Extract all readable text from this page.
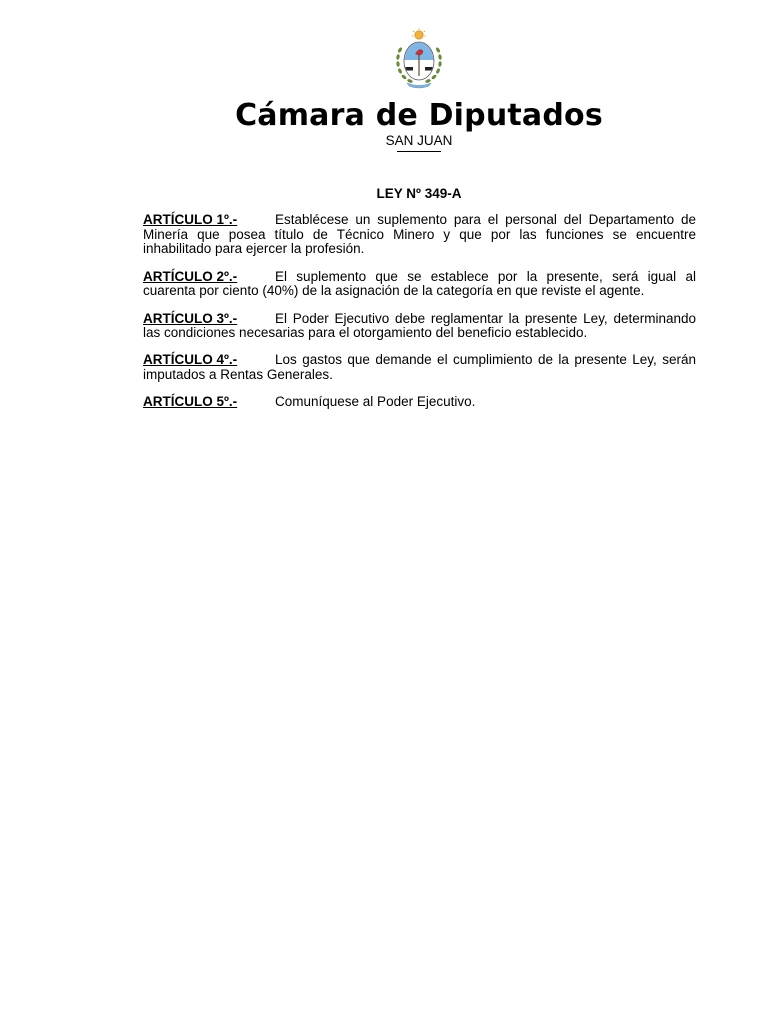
Cámara de Diputados
SAN JUAN
LEY Nº 349-A

ARTÍCULO 1º.-	Establécese un suplemento para el personal del Departamento de Minería que posea título de Técnico Minero y que por las funciones se encuentre inhabilitado para ejercer la profesión.

ARTÍCULO 2º.-	El suplemento que se establece por la presente, será igual al cuarenta por ciento (40%) de la asignación de la categoría en que reviste el agente.

ARTÍCULO 3º.-	El Poder Ejecutivo debe reglamentar la presente Ley, determinando las condiciones necesarias para el otorgamiento del beneficio establecido.

ARTÍCULO 4º.-	Los gastos que demande el cumplimiento de la presente Ley, serán imputados a Rentas Generales.

ARTÍCULO 5º.-	Comuníquese al Poder Ejecutivo.
